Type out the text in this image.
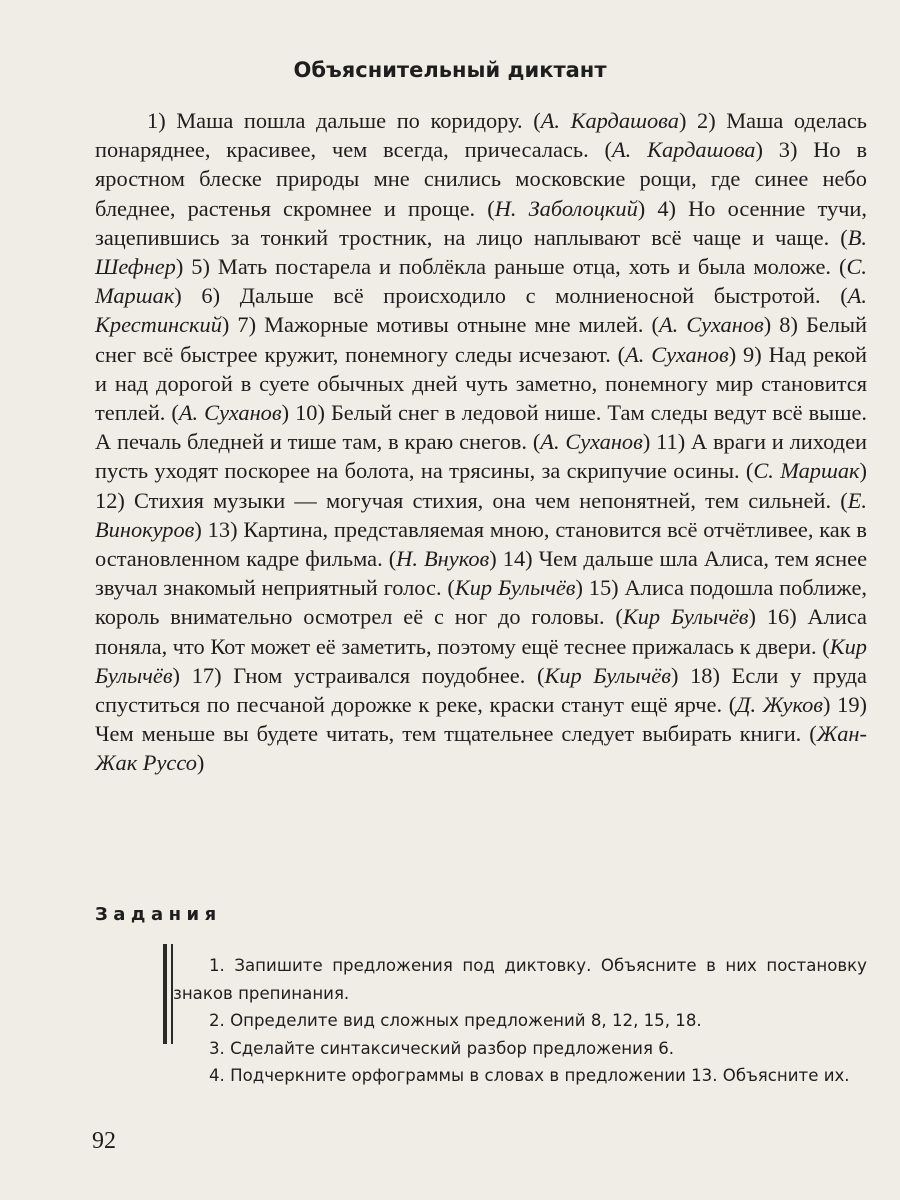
Объяснительный диктант

1) Маша пошла дальше по коридору. (А. Кардашова) 2) Маша оделась понаряднее, красивее, чем всегда, причесалась. (А. Кардашова) 3) Но в яростном блеске природы мне снились московские рощи, где синее небо бледнее, растенья скромнее и проще. (Н. Заболоцкий) 4) Но осенние тучи, зацепившись за тонкий тростник, на лицо наплывают всё чаще и чаще. (В. Шефнер) 5) Мать постарела и поблёкла раньше отца, хоть и была моложе. (С. Маршак) 6) Дальше всё происходило с молниеносной быстротой. (А. Крестинский) 7) Мажорные мотивы отныне мне милей. (А. Суханов) 8) Белый снег всё быстрее кружит, понемногу следы исчезают. (А. Суханов) 9) Над рекой и над дорогой в суете обычных дней чуть заметно, понемногу мир становится теплей. (А. Суханов) 10) Белый снег в ледовой нише. Там следы ведут всё выше. А печаль бледней и тише там, в краю снегов. (А. Суханов) 11) А враги и лиходеи пусть уходят поскорее на болота, на трясины, за скрипучие осины. (С. Маршак) 12) Стихия музыки — могучая стихия, она чем непонятней, тем сильней. (Е. Винокуров) 13) Картина, представляемая мною, становится всё отчётливее, как в остановленном кадре фильма. (Н. Внуков) 14) Чем дальше шла Алиса, тем яснее звучал знакомый неприятный голос. (Кир Булычёв) 15) Алиса подошла поближе, король внимательно осмотрел её с ног до головы. (Кир Булычёв) 16) Алиса поняла, что Кот может её заметить, поэтому ещё теснее прижалась к двери. (Кир Булычёв) 17) Гном устраивался поудобнее. (Кир Булычёв) 18) Если у пруда спуститься по песчаной дорожке к реке, краски станут ещё ярче. (Д. Жуков) 19) Чем меньше вы будете читать, тем тщательнее следует выбирать книги. (Жан-Жак Руссо)

Задания
1. Запишите предложения под диктовку. Объясните в них постановку знаков препинания.
2. Определите вид сложных предложений 8, 12, 15, 18.
3. Сделайте синтаксический разбор предложения 6.
4. Подчеркните орфограммы в словах в предложении 13. Объясните их.
92
